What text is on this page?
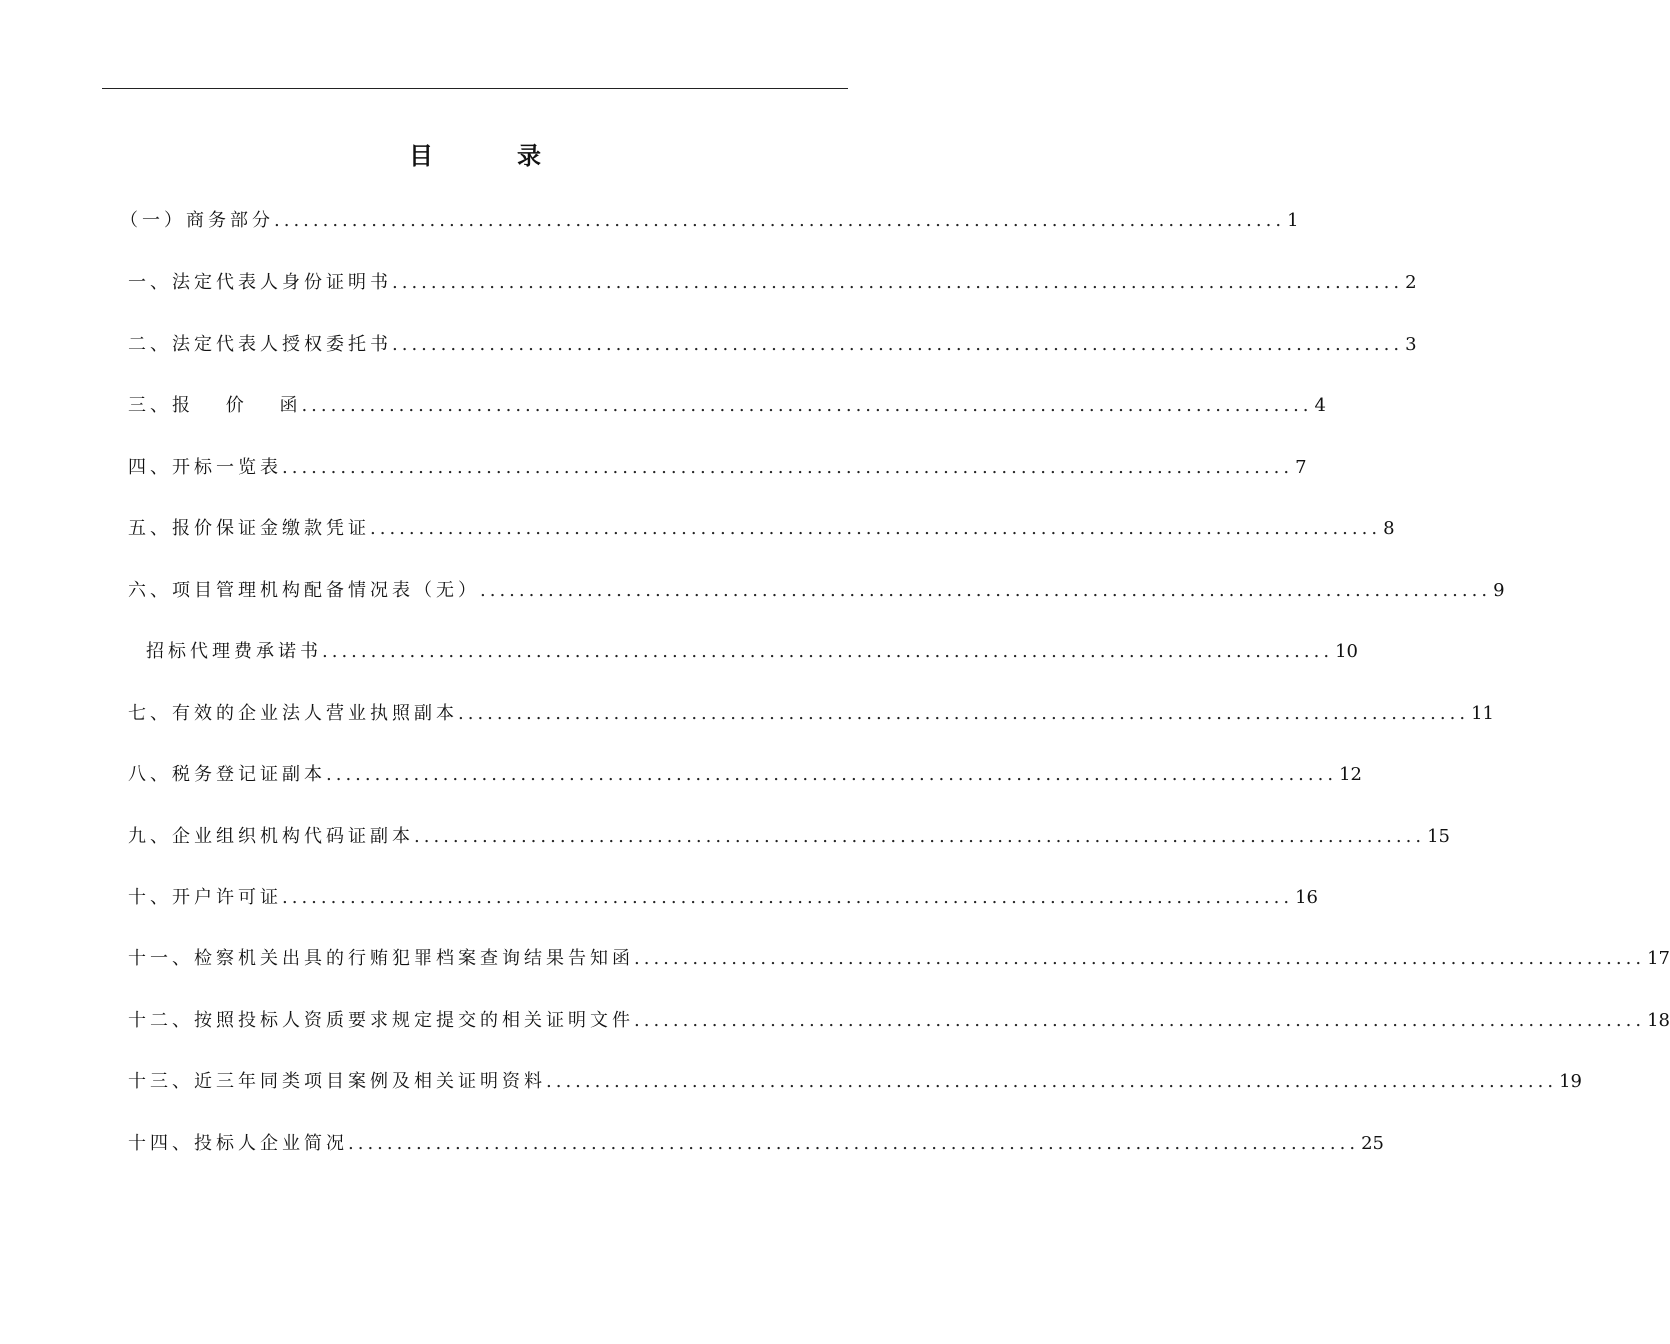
目　录
（一）商务部分 ........................................................................................................ 1
一、法定代表人身份证明书 ........................................................................................................ 2
二、法定代表人授权委托书 ........................................................................................................ 3
三、报　 价　 函 ........................................................................................................ 4
四、开标一览表 ........................................................................................................ 7
五、报价保证金缴款凭证 ........................................................................................................ 8
六、项目管理机构配备情况表（无） ........................................................................................................ 9
招标代理费承诺书 ........................................................................................................ 10
七、有效的企业法人营业执照副本 ........................................................................................................ 11
八、税务登记证副本 ........................................................................................................ 12
九、企业组织机构代码证副本 ........................................................................................................ 15
十、开户许可证 ........................................................................................................ 16
十一、检察机关出具的行贿犯罪档案查询结果告知函 ........................................................................................................ 17
十二、按照投标人资质要求规定提交的相关证明文件 ........................................................................................................ 18
十三、近三年同类项目案例及相关证明资料 ........................................................................................................ 19
十四、投标人企业简况 ........................................................................................................ 25
